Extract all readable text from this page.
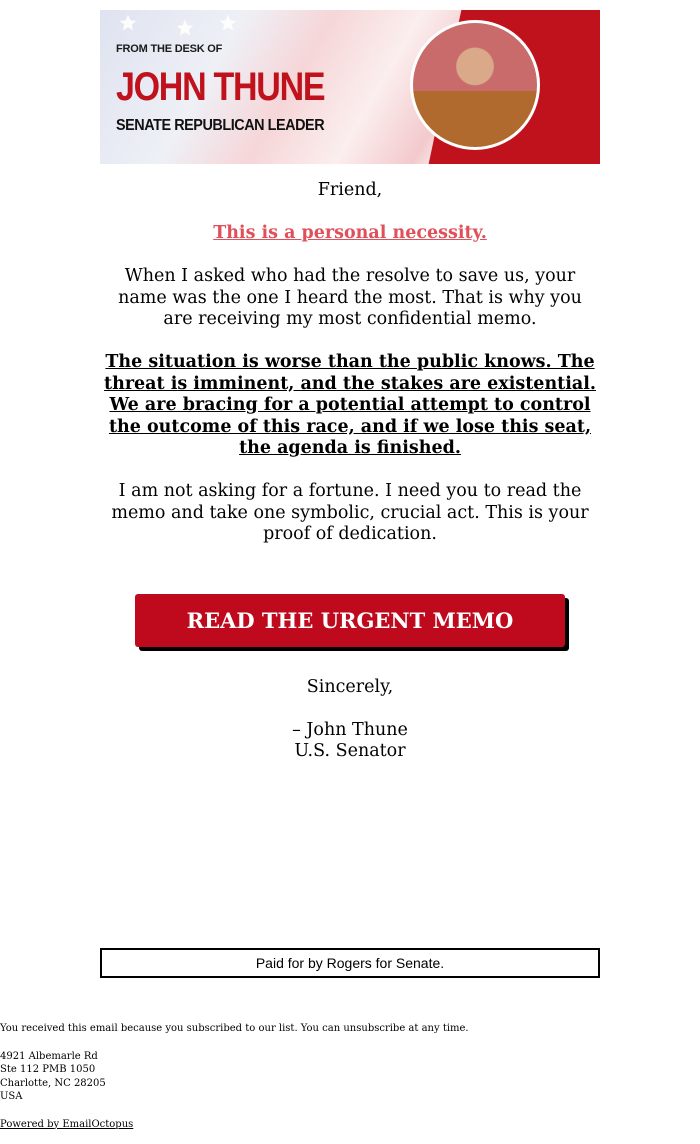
FROM THE DESK OF
JOHN THUNE
SENATE REPUBLICAN LEADER

Friend,

This is a personal necessity.

When I asked who had the resolve to save us, your name was the one I heard the most. That is why you are receiving my most confidential memo.

The situation is worse than the public knows. The threat is imminent, and the stakes are existential. We are bracing for a potential attempt to control the outcome of this race, and if we lose this seat, the agenda is finished.

I am not asking for a fortune. I need you to read the memo and take one symbolic, crucial act. This is your proof of dedication.

READ THE URGENT MEMO

Sincerely,

– John Thune
U.S. Senator
Paid for by Rogers for Senate.
You received this email because you subscribed to our list. You can unsubscribe at any time.
4921 Albemarle Rd
Ste 112 PMB 1050
Charlotte, NC 28205
USA
Powered by EmailOctopus
